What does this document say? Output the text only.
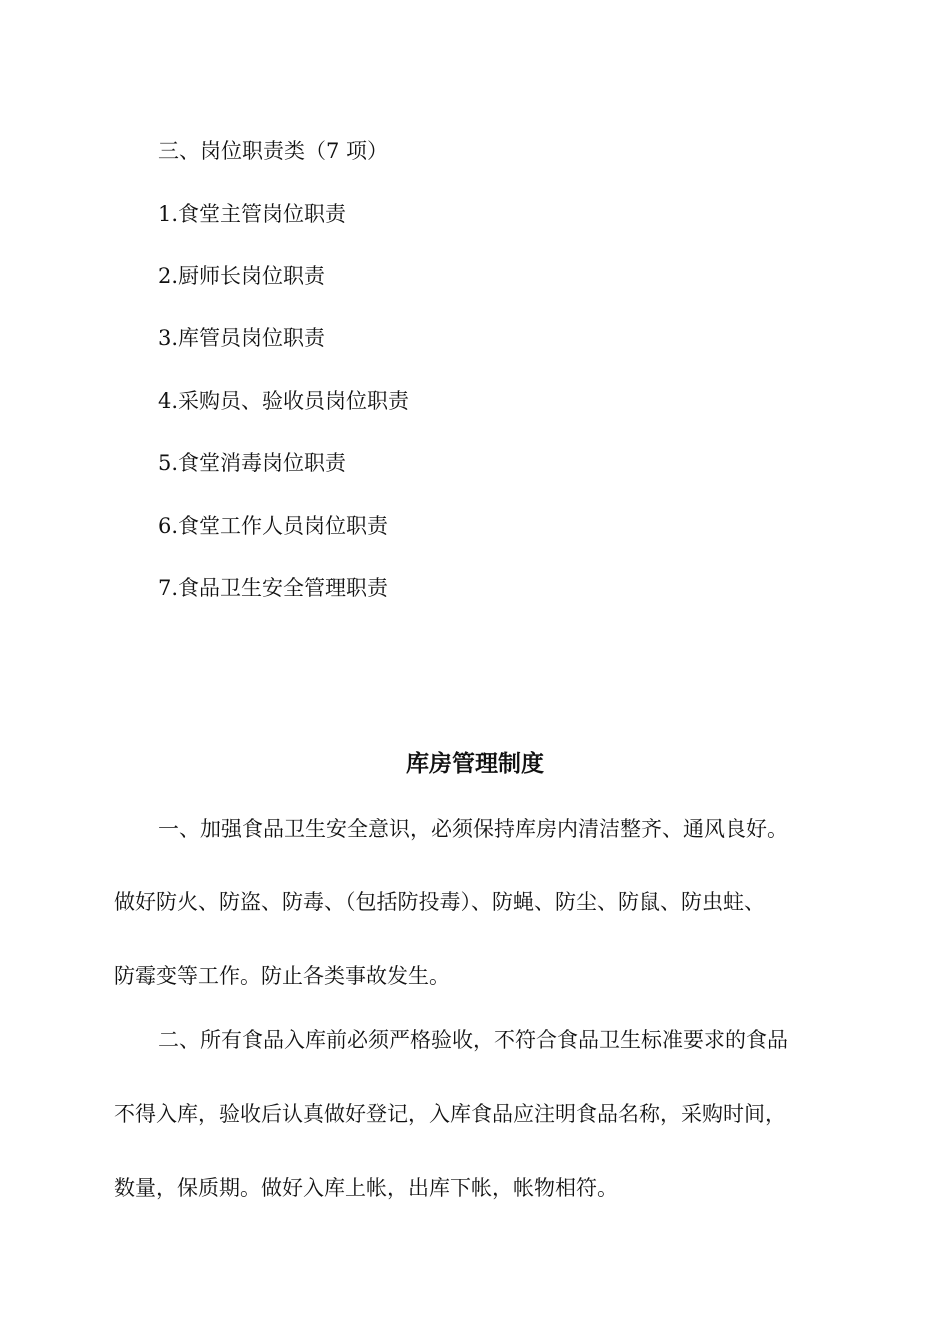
三、岗位职责类（7 项）
1.食堂主管岗位职责
2.厨师长岗位职责
3.库管员岗位职责
4.采购员、验收员岗位职责
5.食堂消毒岗位职责
6.食堂工作人员岗位职责
7.食品卫生安全管理职责
库房管理制度
一、加强食品卫生安全意识，必须保持库房内清洁整齐、通风良好。
做好防火、防盗、防毒、（包括防投毒）、防蝇、防尘、防鼠、防虫蛀、
防霉变等工作。防止各类事故发生。
二、所有食品入库前必须严格验收，不符合食品卫生标准要求的食品
不得入库，验收后认真做好登记，入库食品应注明食品名称，采购时间，
数量，保质期。做好入库上帐，出库下帐，帐物相符。
